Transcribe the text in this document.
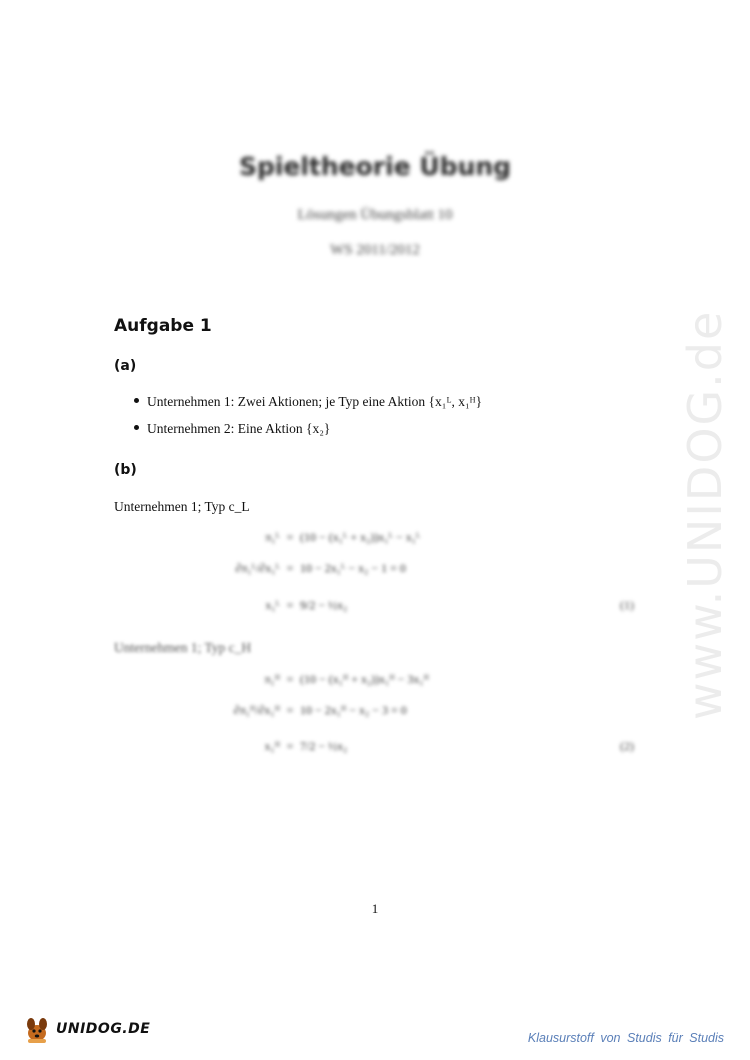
www.UNIDOG.de
Spieltheorie Übung
Lösungen Übungsblatt 10
WS 2011/2012
Aufgabe 1
(a)
Unternehmen 1: Zwei Aktionen; je Typ eine Aktion {x₁ᴸ, x₁ᴴ}
Unternehmen 2: Eine Aktion {x₂}
(b)
Unternehmen 1; Typ c_L
π₁ᴸ = (10 − (x₁ᴸ + x₂))x₁ᴸ − x₁ᴸ
∂π₁ᴸ/∂x₁ᴸ = 10 − 2x₁ᴸ − x₂ − 1 = 0
x₁ᴸ = 9/2 − ½x₂	(1)
Unternehmen 1; Typ c_H
π₁ᴴ = (10 − (x₁ᴴ + x₂))x₁ᴴ − 3x₁ᴴ
∂π₁ᴴ/∂x₁ᴴ = 10 − 2x₁ᴴ − x₂ − 3 = 0
x₁ᴴ = 7/2 − ½x₂	(2)
1
UNIDOG.DE
Klausurstoff von Studis für Studis
